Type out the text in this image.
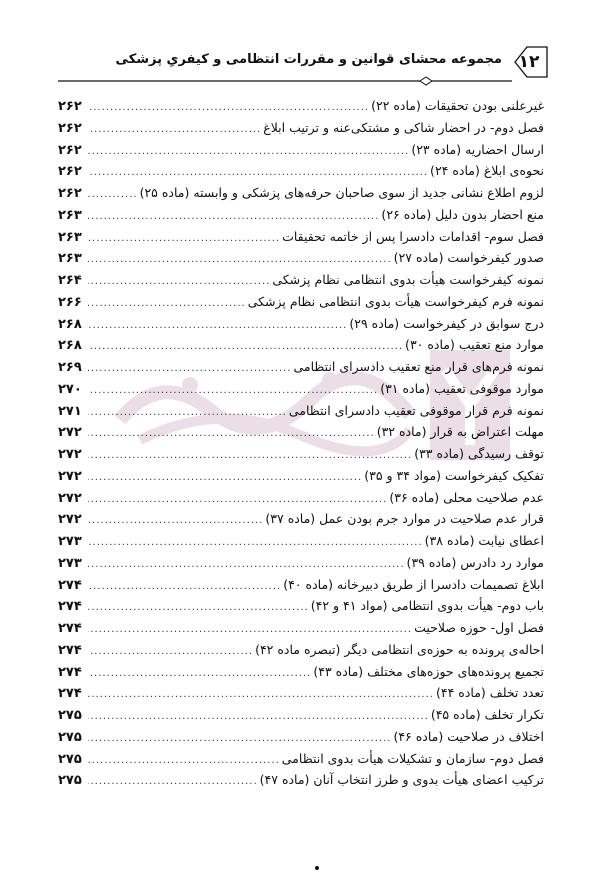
مجموعه محشای قوانین و مقررات انتظامی و کیفریِ پزشکی ۱۲
غیرعلنی بودن تحقیقات (ماده ۲۲)
.....
۲۶۲
فصل دوم- در احضار شاکی و مشتکی‌عنه و ترتیب ابلاغ
.....
۲۶۲
ارسال احضاریه (ماده ۲۳)
.....
۲۶۲
نحوه‌ی ابلاغ (ماده ۲۴)
.....
۲۶۲
لزوم اطلاع نشانی جدید از سوی صاحبان حرفه‌های پزشکی و وابسته (ماده ۲۵)
.....
۲۶۲
منع احضار بدون دلیل (ماده ۲۶)
.....
۲۶۳
فصل سوم- اقدامات دادسرا پس از خاتمه تحقیقات
.....
۲۶۳
صدور کیفرخواست (ماده ۲۷)
.....
۲۶۳
نمونه کیفرخواست هیأت بدوی انتظامی نظام پزشکی
.....
۲۶۴
نمونه فرم کیفرخواست هیأت بدوی انتظامی نظام پزشکی
.....
۲۶۶
درج سوابق در کیفرخواست (ماده ۲۹)
.....
۲۶۸
موارد منع تعقیب (ماده ۳۰)
.....
۲۶۸
نمونه فرم‌های قرار منع تعقیب دادسرای انتظامی
.....
۲۶۹
موارد موقوفی تعقیب (ماده ۳۱)
.....
۲۷۰
نمونه فرم قرار موقوفی تعقیب دادسرای انتظامی
.....
۲۷۱
مهلت اعتراض به قرار (ماده ۳۲)
.....
۲۷۲
توقف رسیدگی (ماده ۳۳)
.....
۲۷۲
تفکیک کیفرخواست (مواد ۳۴ و ۳۵)
.....
۲۷۲
عدم صلاحیت محلی (ماده ۳۶)
.....
۲۷۲
قرار عدم صلاحیت در موارد جرم بودن عمل (ماده ۳۷)
.....
۲۷۲
اعطای نیابت (ماده ۳۸)
.....
۲۷۳
موارد رد دادرس (ماده ۳۹)
.....
۲۷۳
ابلاغ تصمیمات دادسرا از طریق دبیرخانه (ماده ۴۰)
.....
۲۷۴
باب دوم- هیأت بدوی انتظامی (مواد ۴۱ و ۴۲)
.....
۲۷۴
فصل اول- حوزه صلاحیت
.....
۲۷۴
احاله‌ی پرونده به حوزه‌ی انتظامی دیگر (تبصره ماده ۴۲)
.....
۲۷۴
تجمیع پرونده‌های حوزه‌های مختلف (ماده ۴۳)
.....
۲۷۴
تعدد تخلف (ماده ۴۴)
.....
۲۷۴
تکرار تخلف (ماده ۴۵)
.....
۲۷۵
اختلاف در صلاحیت (ماده ۴۶)
.....
۲۷۵
فصل دوم- سازمان و تشکیلات هیأت بدوی انتظامی
.....
۲۷۵
ترکیب اعضای هیأت بدوی و طرز انتخاب آنان (ماده ۴۷)
.....
۲۷۵
